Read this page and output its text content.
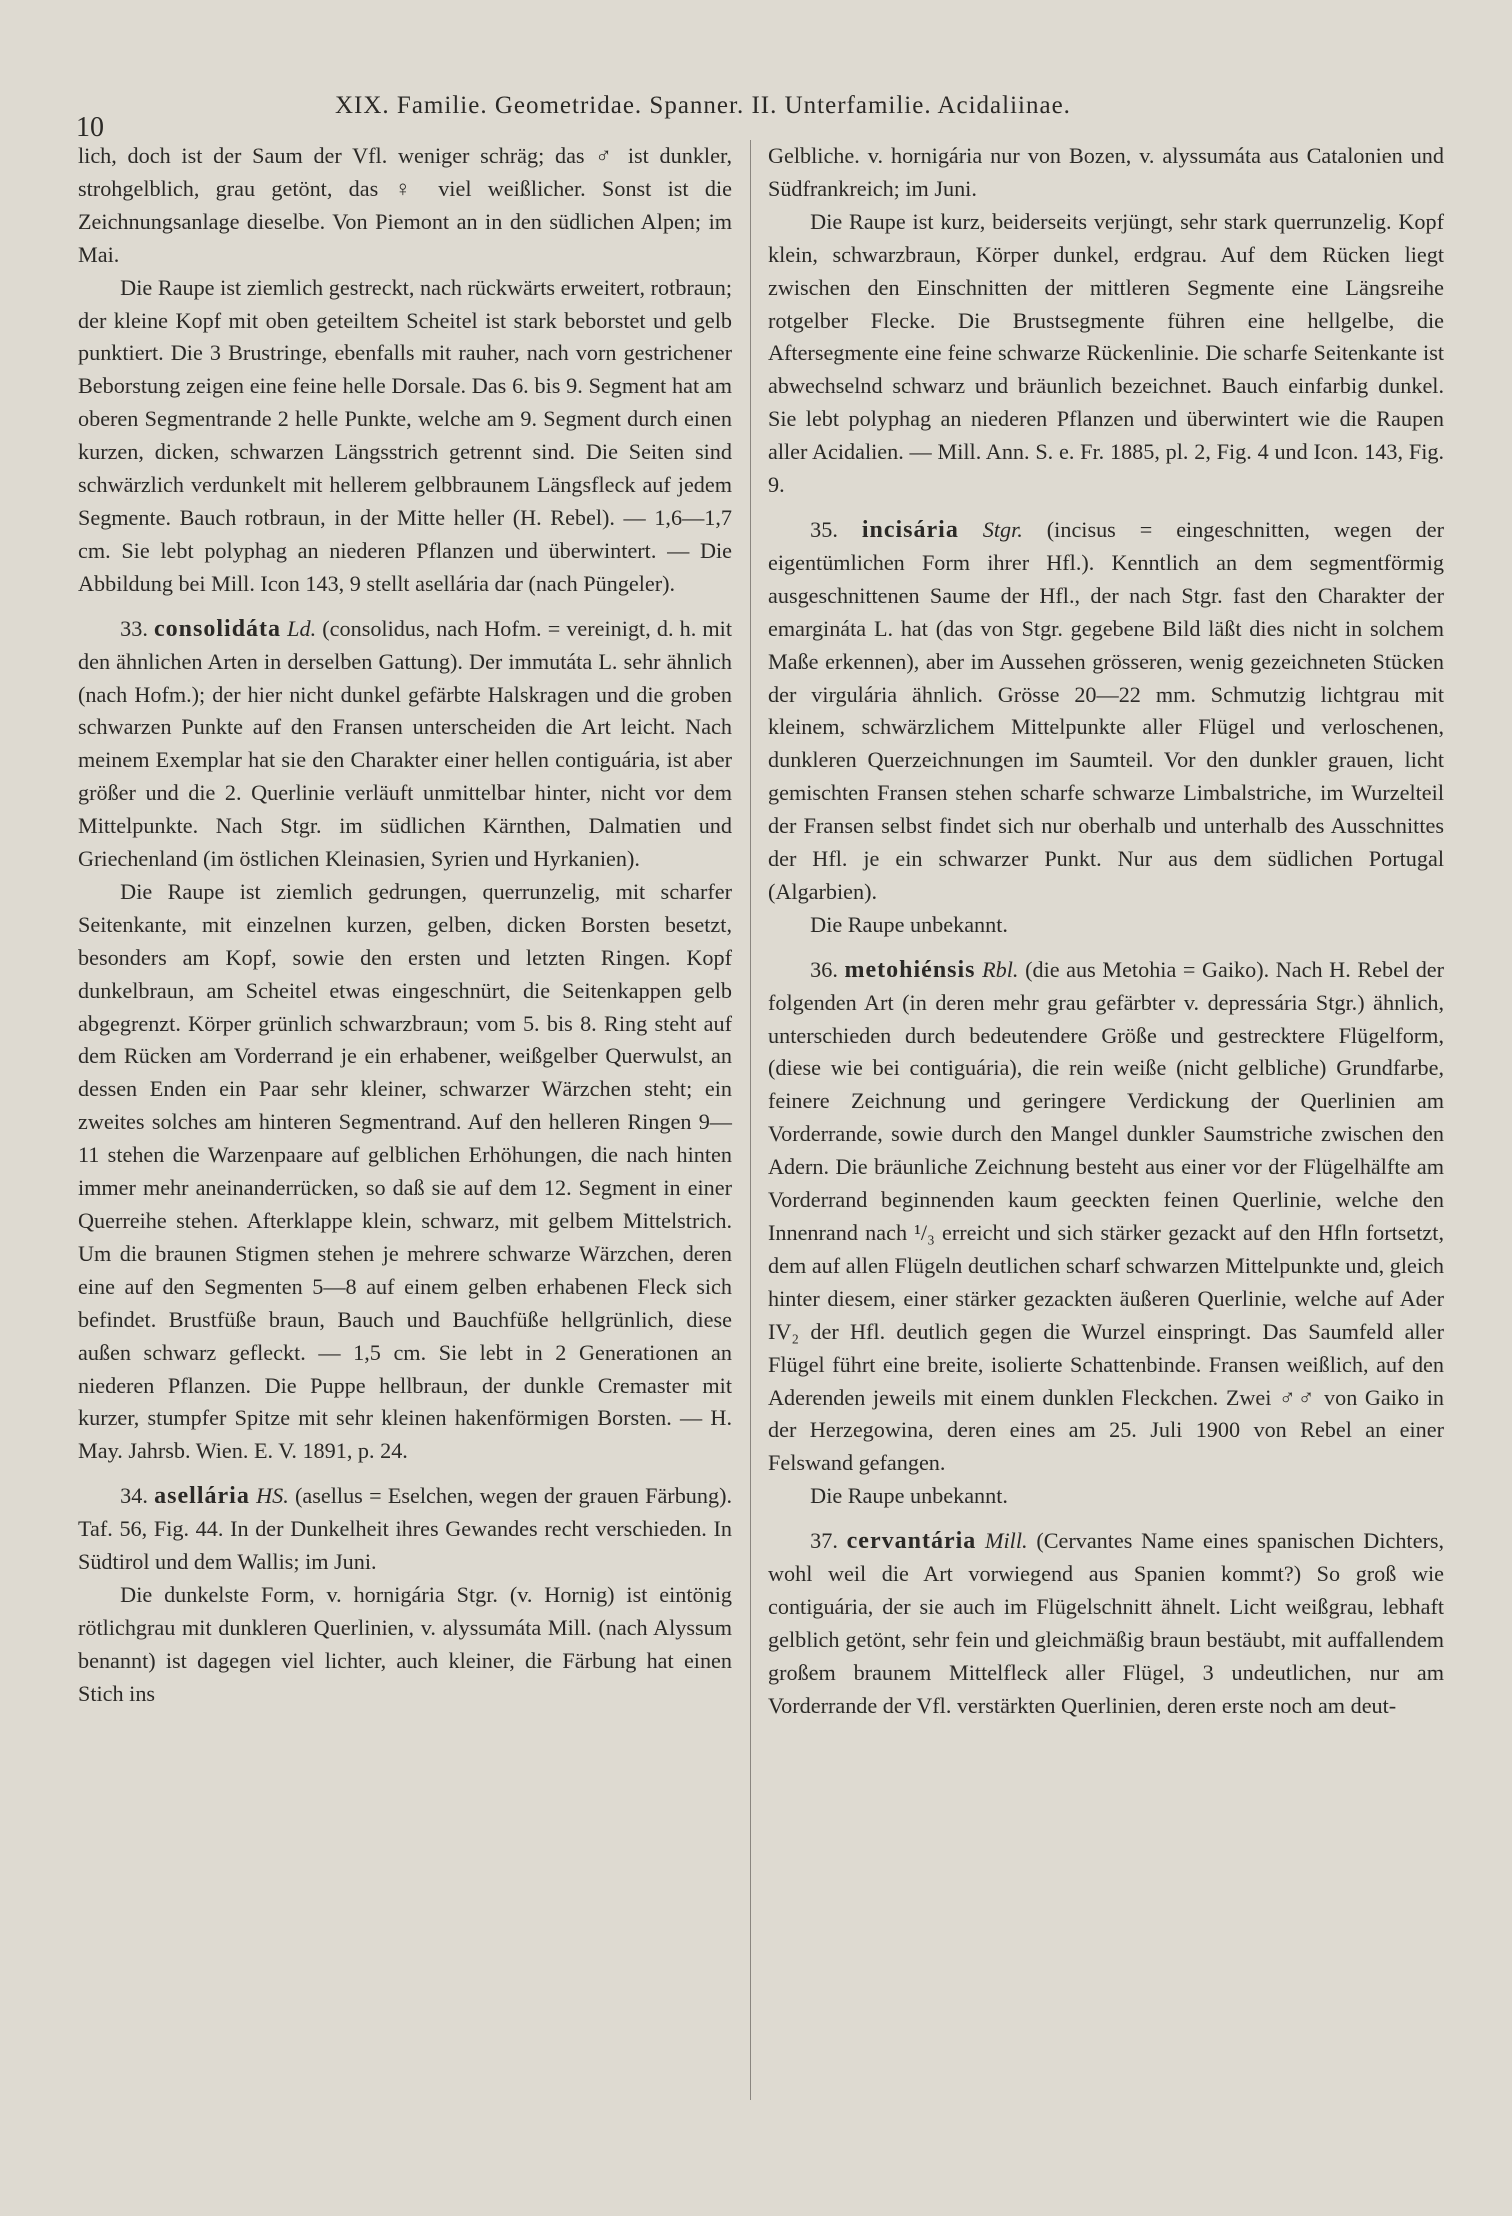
10
XIX. Familie. Geometridae. Spanner. II. Unterfamilie. Acidaliinae.

lich, doch ist der Saum der Vfl. weniger schräg; das ♂ ist dunkler, strohgelblich, grau getönt, das ♀ viel weißlicher. Sonst ist die Zeichnungsanlage dieselbe. Von Piemont an in den südlichen Alpen; im Mai.

Die Raupe ist ziemlich gestreckt, nach rückwärts erweitert, rotbraun; der kleine Kopf mit oben geteiltem Scheitel ist stark beborstet und gelb punktiert. Die 3 Brustringe, ebenfalls mit rauher, nach vorn gestrichener Beborstung zeigen eine feine helle Dorsale. Das 6. bis 9. Segment hat am oberen Segmentrande 2 helle Punkte, welche am 9. Segment durch einen kurzen, dicken, schwarzen Längsstrich getrennt sind. Die Seiten sind schwärzlich verdunkelt mit hellerem gelbbraunem Längsfleck auf jedem Segmente. Bauch rotbraun, in der Mitte heller (H. Rebel). — 1,6—1,7 cm. Sie lebt polyphag an niederen Pflanzen und überwintert. — Die Abbildung bei Mill. Icon 143, 9 stellt asellária dar (nach Püngeler).

33. consolidáta Ld. (consolidus, nach Hofm. = vereinigt, d. h. mit den ähnlichen Arten in derselben Gattung). Der immutáta L. sehr ähnlich (nach Hofm.); der hier nicht dunkel gefärbte Halskragen und die groben schwarzen Punkte auf den Fransen unterscheiden die Art leicht. Nach meinem Exemplar hat sie den Charakter einer hellen contiguária, ist aber größer und die 2. Querlinie verläuft unmittelbar hinter, nicht vor dem Mittelpunkte. Nach Stgr. im südlichen Kärnthen, Dalmatien und Griechenland (im östlichen Kleinasien, Syrien und Hyrkanien).

Die Raupe ist ziemlich gedrungen, querrunzelig, mit scharfer Seitenkante, mit einzelnen kurzen, gelben, dicken Borsten besetzt, besonders am Kopf, sowie den ersten und letzten Ringen. Kopf dunkelbraun, am Scheitel etwas eingeschnürt, die Seitenkappen gelb abgegrenzt. Körper grünlich schwarzbraun; vom 5. bis 8. Ring steht auf dem Rücken am Vorderrand je ein erhabener, weißgelber Querwulst, an dessen Enden ein Paar sehr kleiner, schwarzer Wärzchen steht; ein zweites solches am hinteren Segmentrand. Auf den helleren Ringen 9—11 stehen die Warzenpaare auf gelblichen Erhöhungen, die nach hinten immer mehr aneinanderrücken, so daß sie auf dem 12. Segment in einer Querreihe stehen. Afterklappe klein, schwarz, mit gelbem Mittelstrich. Um die braunen Stigmen stehen je mehrere schwarze Wärzchen, deren eine auf den Segmenten 5—8 auf einem gelben erhabenen Fleck sich befindet. Brustfüße braun, Bauch und Bauchfüße hellgrünlich, diese außen schwarz gefleckt. — 1,5 cm. Sie lebt in 2 Generationen an niederen Pflanzen. Die Puppe hellbraun, der dunkle Cremaster mit kurzer, stumpfer Spitze mit sehr kleinen hakenförmigen Borsten. — H. May. Jahrsb. Wien. E. V. 1891, p. 24.

34. asellária HS. (asellus = Eselchen, wegen der grauen Färbung). Taf. 56, Fig. 44. In der Dunkelheit ihres Gewandes recht verschieden. In Südtirol und dem Wallis; im Juni.

Die dunkelste Form, v. hornigária Stgr. (v. Hornig) ist eintönig rötlichgrau mit dunkleren Querlinien, v. alyssumáta Mill. (nach Alyssum benannt) ist dagegen viel lichter, auch kleiner, die Färbung hat einen Stich ins

Gelbliche. v. hornigária nur von Bozen, v. alyssumáta aus Catalonien und Südfrankreich; im Juni.

Die Raupe ist kurz, beiderseits verjüngt, sehr stark querrunzelig. Kopf klein, schwarzbraun, Körper dunkel, erdgrau. Auf dem Rücken liegt zwischen den Einschnitten der mittleren Segmente eine Längsreihe rotgelber Flecke. Die Brustsegmente führen eine hellgelbe, die Aftersegmente eine feine schwarze Rückenlinie. Die scharfe Seitenkante ist abwechselnd schwarz und bräunlich bezeichnet. Bauch einfarbig dunkel. Sie lebt polyphag an niederen Pflanzen und überwintert wie die Raupen aller Acidalien. — Mill. Ann. S. e. Fr. 1885, pl. 2, Fig. 4 und Icon. 143, Fig. 9.

35. incisária Stgr. (incisus = eingeschnitten, wegen der eigentümlichen Form ihrer Hfl.). Kenntlich an dem segmentförmig ausgeschnittenen Saume der Hfl., der nach Stgr. fast den Charakter der emargináta L. hat (das von Stgr. gegebene Bild läßt dies nicht in solchem Maße erkennen), aber im Aussehen grösseren, wenig gezeichneten Stücken der virgulária ähnlich. Grösse 20—22 mm. Schmutzig lichtgrau mit kleinem, schwärzlichem Mittelpunkte aller Flügel und verloschenen, dunkleren Querzeichnungen im Saumteil. Vor den dunkler grauen, licht gemischten Fransen stehen scharfe schwarze Limbalstriche, im Wurzelteil der Fransen selbst findet sich nur oberhalb und unterhalb des Ausschnittes der Hfl. je ein schwarzer Punkt. Nur aus dem südlichen Portugal (Algarbien).

Die Raupe unbekannt.

36. metohiénsis Rbl. (die aus Metohia = Gaiko). Nach H. Rebel der folgenden Art (in deren mehr grau gefärbter v. depressária Stgr.) ähnlich, unterschieden durch bedeutendere Größe und gestrecktere Flügelform, (diese wie bei contiguária), die rein weiße (nicht gelbliche) Grundfarbe, feinere Zeichnung und geringere Verdickung der Querlinien am Vorderrande, sowie durch den Mangel dunkler Saumstriche zwischen den Adern. Die bräunliche Zeichnung besteht aus einer vor der Flügelhälfte am Vorderrand beginnenden kaum geeckten feinen Querlinie, welche den Innenrand nach ¹/₃ erreicht und sich stärker gezackt auf den Hfln fortsetzt, dem auf allen Flügeln deutlichen scharf schwarzen Mittelpunkte und, gleich hinter diesem, einer stärker gezackten äußeren Querlinie, welche auf Ader IV₂ der Hfl. deutlich gegen die Wurzel einspringt. Das Saumfeld aller Flügel führt eine breite, isolierte Schattenbinde. Fransen weißlich, auf den Aderenden jeweils mit einem dunklen Fleckchen. Zwei ♂♂ von Gaiko in der Herzegowina, deren eines am 25. Juli 1900 von Rebel an einer Felswand gefangen.

Die Raupe unbekannt.

37. cervantária Mill. (Cervantes Name eines spanischen Dichters, wohl weil die Art vorwiegend aus Spanien kommt?) So groß wie contiguária, der sie auch im Flügelschnitt ähnelt. Licht weißgrau, lebhaft gelblich getönt, sehr fein und gleichmäßig braun bestäubt, mit auffallendem großem braunem Mittelfleck aller Flügel, 3 undeutlichen, nur am Vorderrande der Vfl. verstärkten Querlinien, deren erste noch am deut-
